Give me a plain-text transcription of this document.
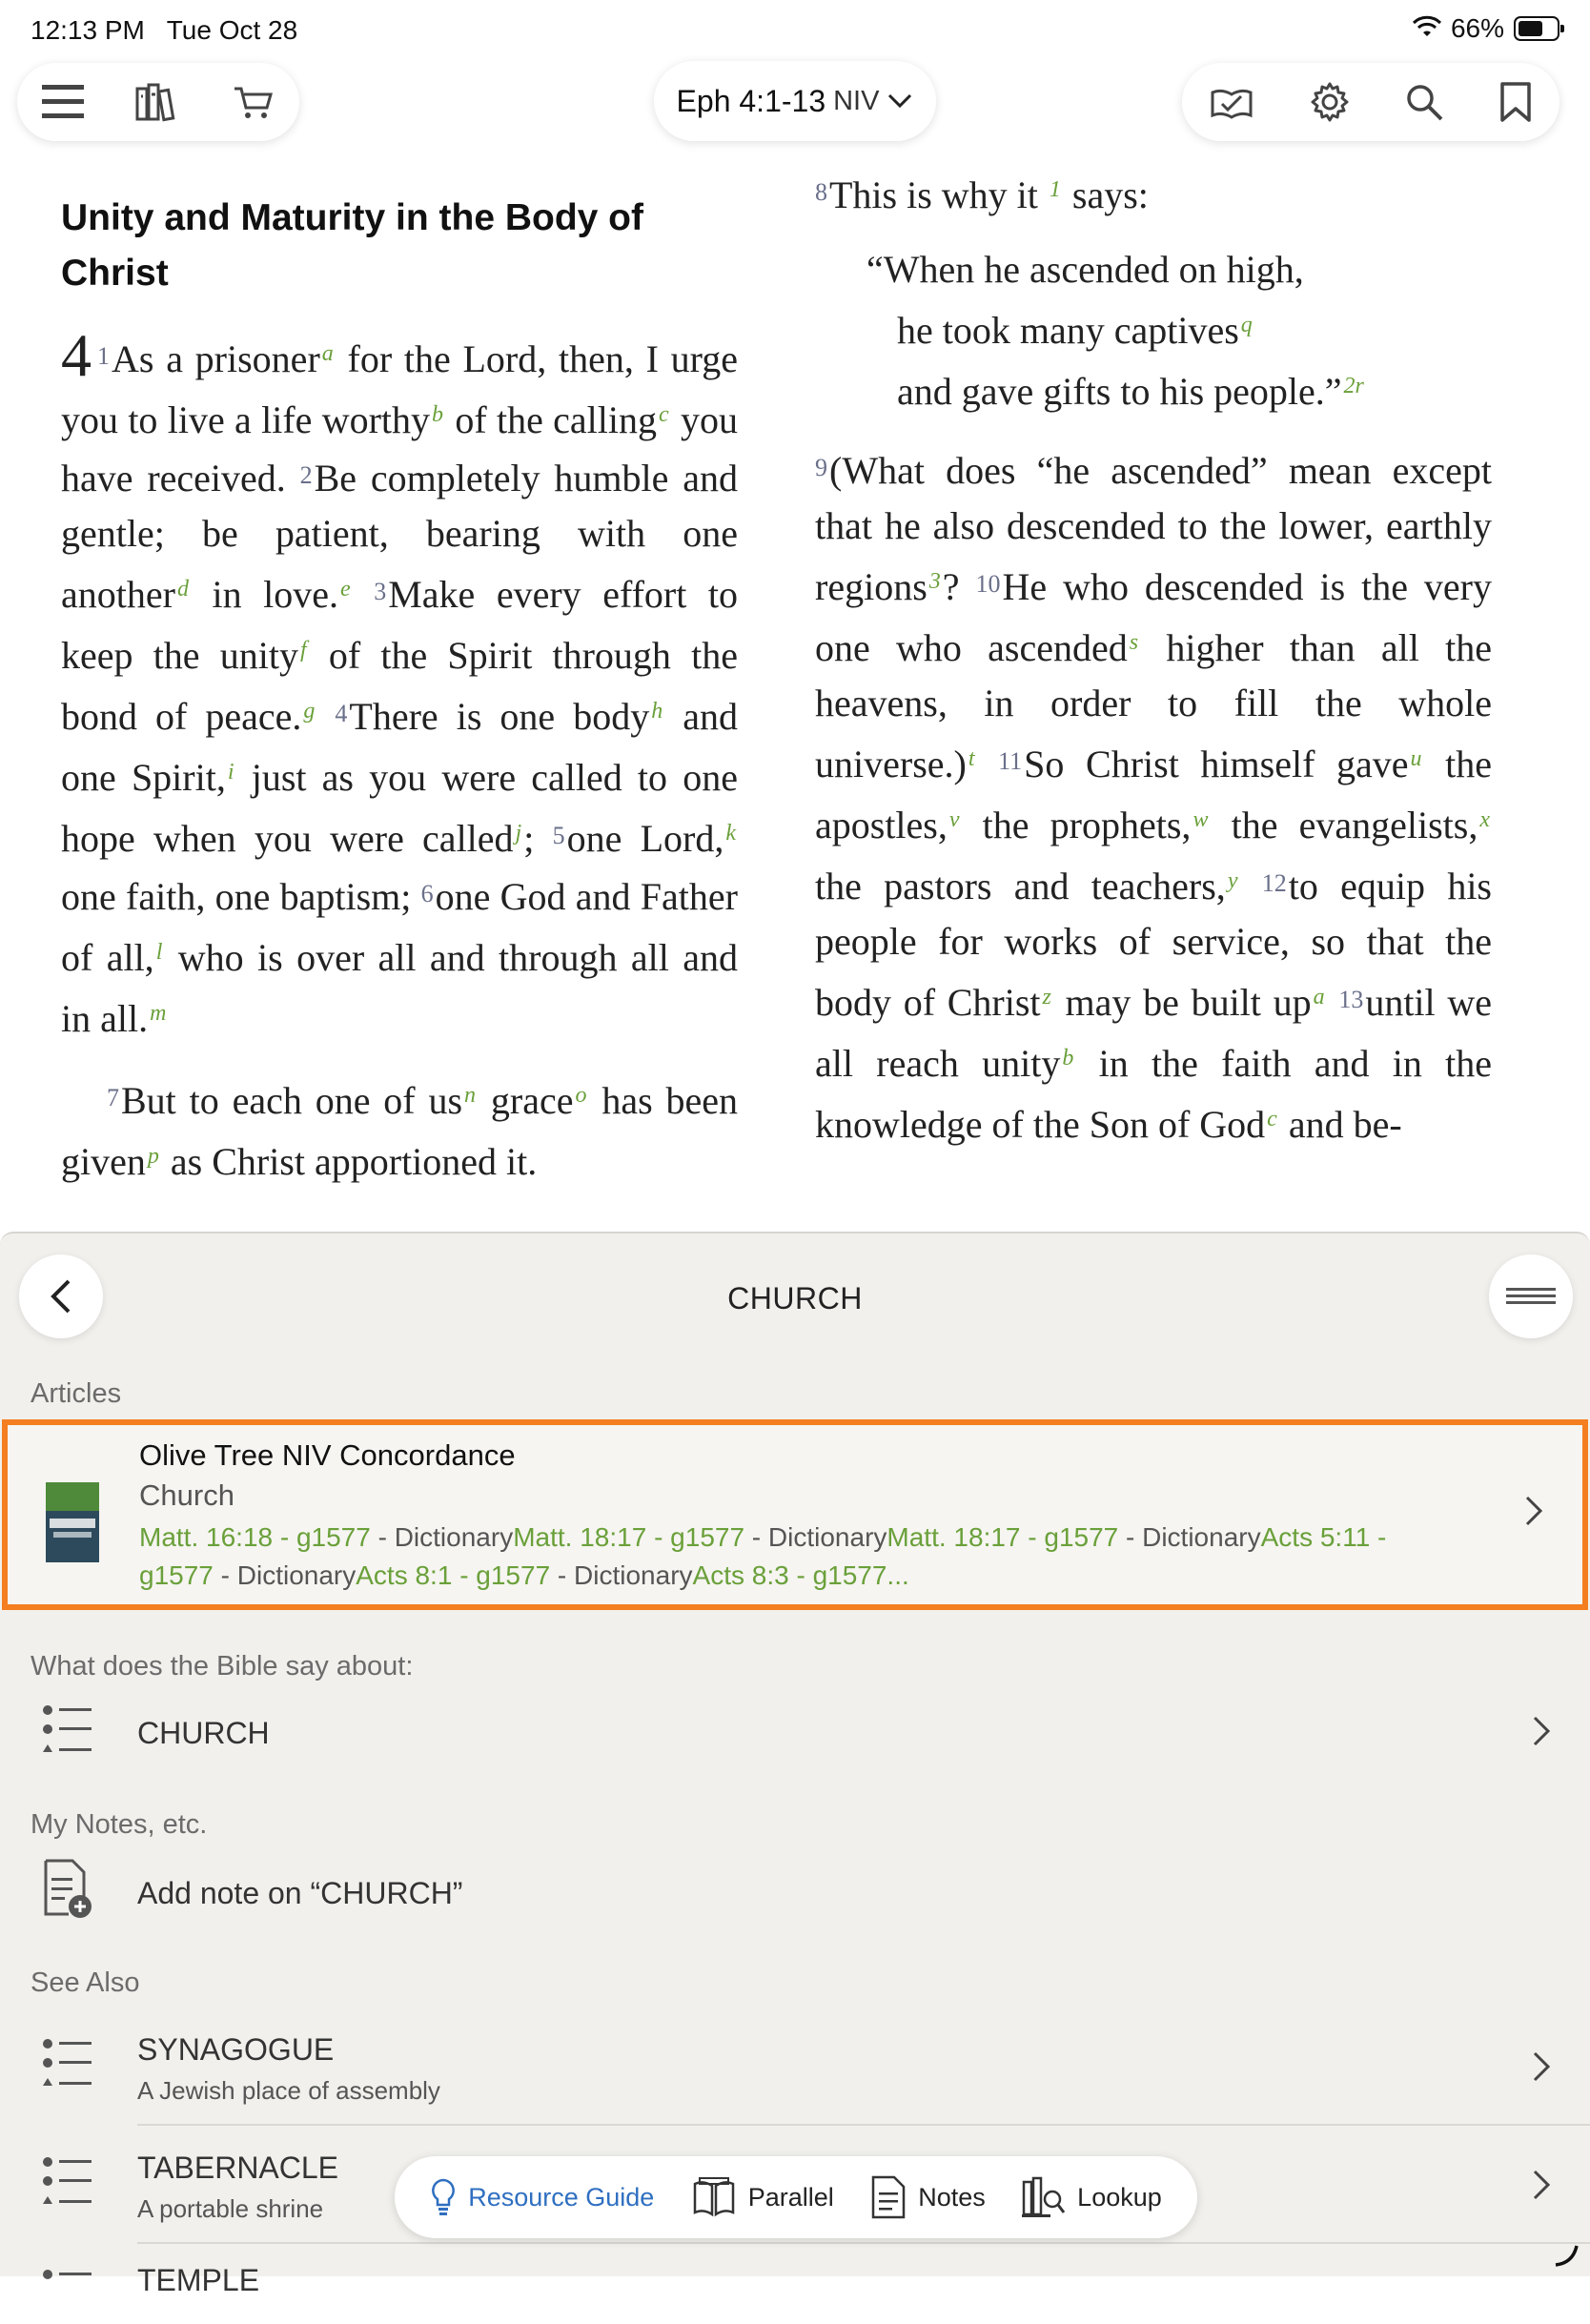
12:13 PM Tue Oct 28	66%
Eph 4:1-13 NIV
Unity and Maturity in the Body of Christ
4 $^1$As a prisoner$^a$ for the Lord, then, I urge you to live a life worthy$^b$ of the calling$^c$ you have received. $^2$Be completely humble and gentle; be patient, bearing with one another$^d$ in love.$^e$ $^3$Make every effort to keep the unity$^f$ of the Spirit through the bond of peace.$^g$ $^4$There is one body$^h$ and one Spirit,$^i$ just as you were called to one hope when you were called$^j$; $^5$one Lord,$^k$ one faith, one baptism; $^6$one God and Father of all,$^l$ who is over all and through all and in all.$^m$
$^7$But to each one of us$^n$ grace$^o$ has been given$^p$ as Christ apportioned it.
$^8$This is why it $^1$ says:
“When he ascended on high,
he took many captives$^q$
and gave gifts to his people.”$^{2r}$
$^9$(What does “he ascended” mean except that he also descended to the lower, earthly regions$^3$? $^{10}$He who descended is the very one who ascended$^s$ higher than all the heavens, in order to fill the whole universe.)$^t$ $^{11}$So Christ himself gave$^u$ the apostles,$^v$ the prophets,$^w$ the evangelists,$^x$ the pastors and teachers,$^y$ $^{12}$to equip his people for works of service, so that the body of Christ$^z$ may be built up$^a$ $^{13}$until we all reach unity$^b$ in the faith and in the knowledge of the Son of God$^c$ and be-
CHURCH
Articles
Olive Tree NIV Concordance
Church
Matt. 16:18 - g1577 - DictionaryMatt. 18:17 - g1577 - DictionaryMatt. 18:17 - g1577 - DictionaryActs 5:11 - g1577 - DictionaryActs 8:1 - g1577 - DictionaryActs 8:3 - g1577...
What does the Bible say about:
CHURCH
My Notes, etc.
Add note on “CHURCH”
See Also
SYNAGOGUE
A Jewish place of assembly
TABERNACLE
A portable shrine
TEMPLE
Resource Guide	Parallel	Notes	Lookup
